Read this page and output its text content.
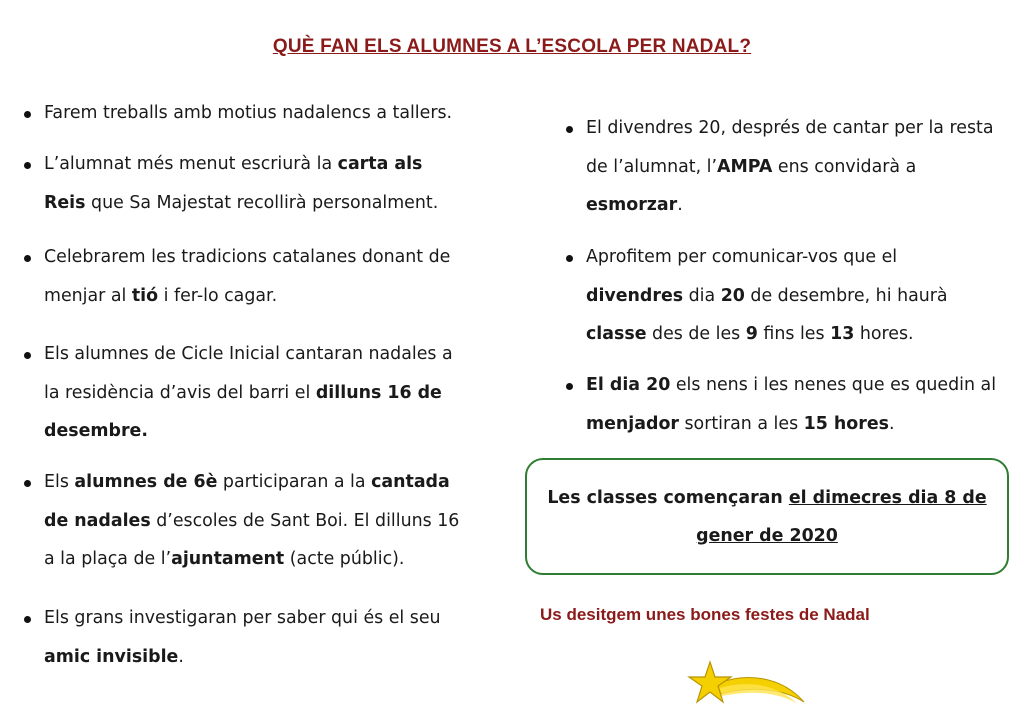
QUÈ FAN ELS ALUMNES A L’ESCOLA PER NADAL?
Farem treballs amb motius nadalencs a tallers.
L’alumnat més menut escriurà la carta als
Reis que Sa Majestat recollirà personalment.
Celebrarem les tradicions catalanes donant de
menjar al tió i fer-lo cagar.
Els alumnes de Cicle Inicial cantaran nadales a
la residència d’avis del barri el dilluns 16 de
desembre.
Els alumnes de 6è participaran a la cantada
de nadales d’escoles de Sant Boi. El dilluns 16
a la plaça de l’ajuntament (acte públic).
Els grans investigaran per saber qui és el seu
amic invisible.
El divendres 20, després de cantar per la resta
de l’alumnat, l’AMPA ens convidarà a
esmorzar.
Aprofitem per comunicar-vos que el
divendres dia 20 de desembre, hi haurà
classe des de les 9 fins les 13 hores.
El dia 20 els nens i les nenes que es quedin al
menjador sortiran a les 15 hores.

Les classes començaran el dimecres dia 8 de
gener de 2020

Us desitgem unes bones festes de Nadal
